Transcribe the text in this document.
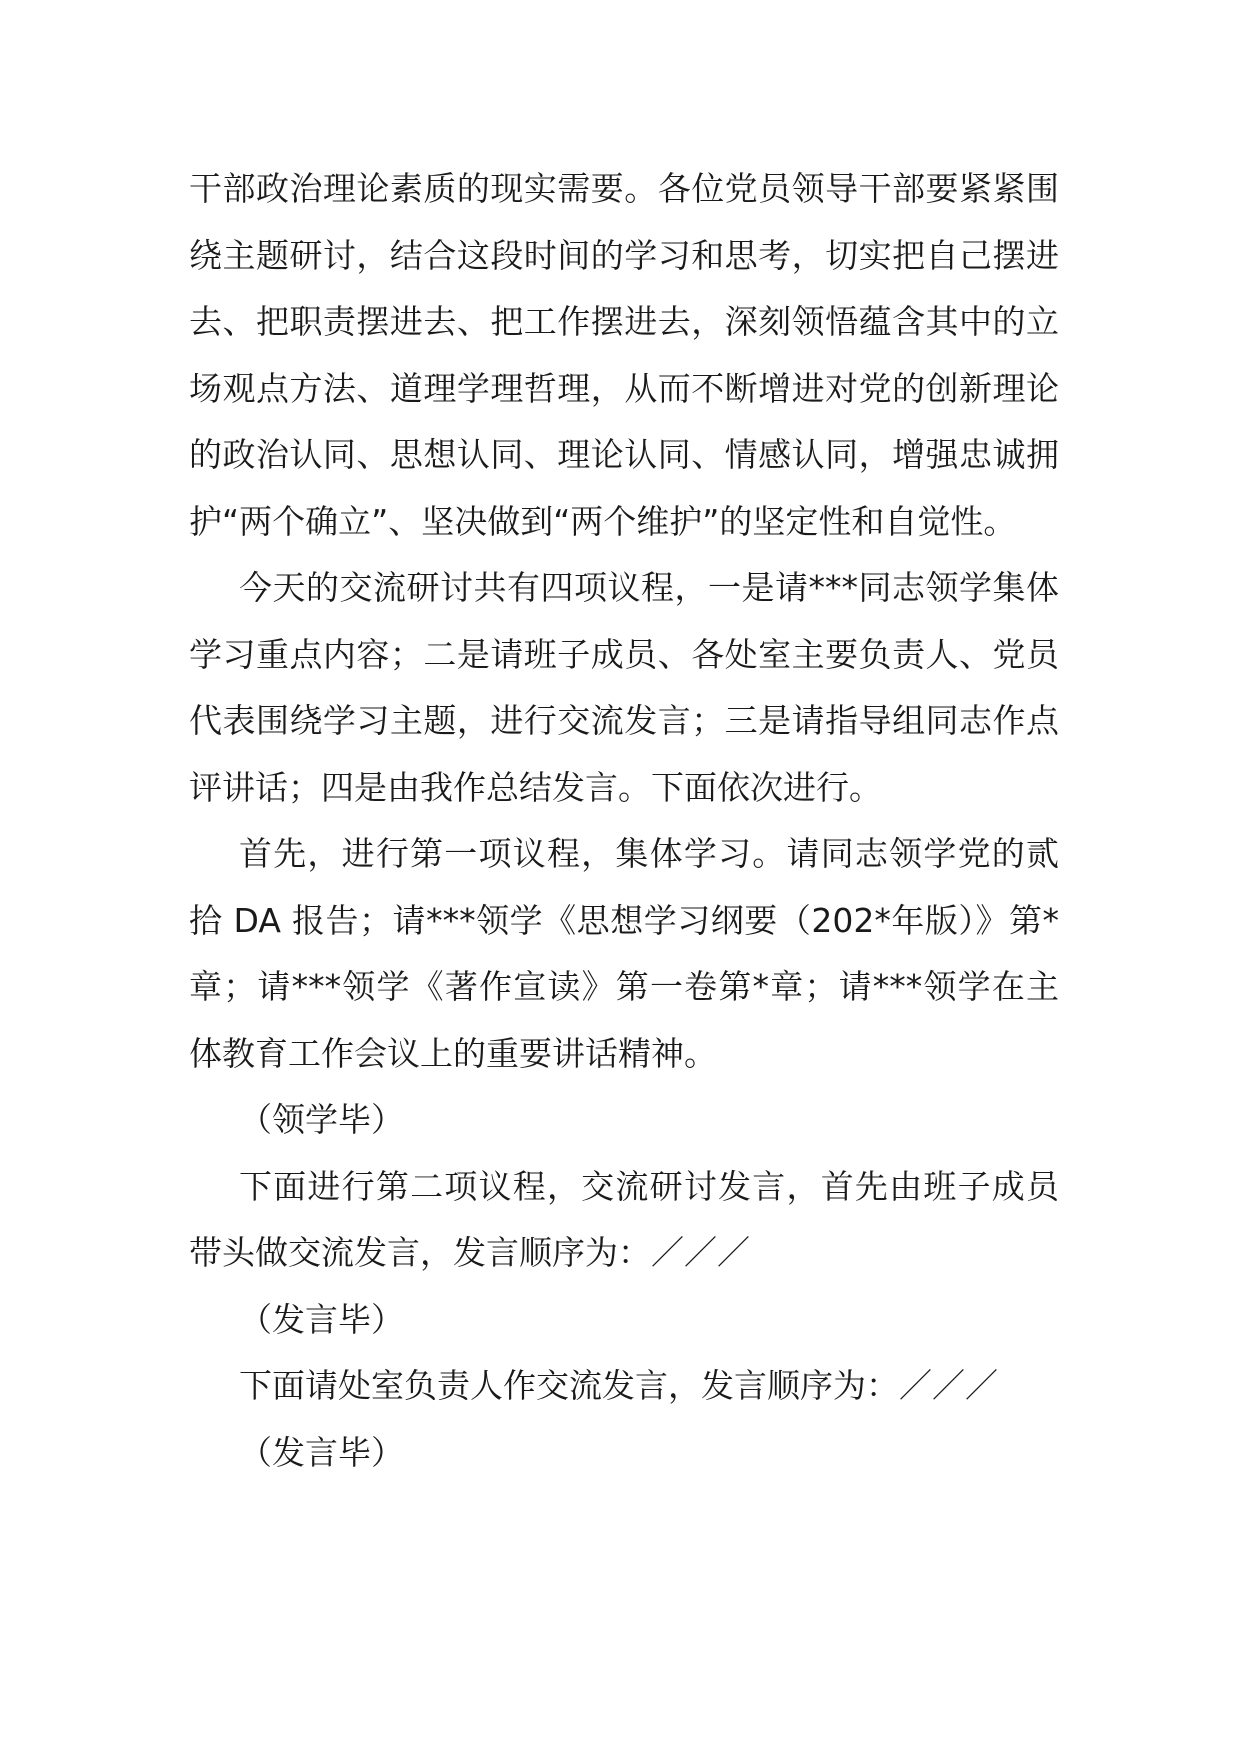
干部政治理论素质的现实需要。各位党员领导干部要紧紧围绕主题研讨，结合这段时间的学习和思考，切实把自己摆进去、把职责摆进去、把工作摆进去，深刻领悟蕴含其中的立场观点方法、道理学理哲理，从而不断增进对党的创新理论的政治认同、思想认同、理论认同、情感认同，增强忠诚拥护“两个确立”、坚决做到“两个维护”的坚定性和自觉性。

今天的交流研讨共有四项议程，一是请***同志领学集体学习重点内容；二是请班子成员、各处室主要负责人、党员代表围绕学习主题，进行交流发言；三是请指导组同志作点评讲话；四是由我作总结发言。下面依次进行。

首先，进行第一项议程，集体学习。请同志领学党的贰拾 DA 报告；请***领学《思想学习纲要（202*年版）》第*章；请***领学《著作宣读》第一卷第*章；请***领学在主体教育工作会议上的重要讲话精神。

（领学毕）

下面进行第二项议程，交流研讨发言，首先由班子成员带头做交流发言，发言顺序为：／／／

（发言毕）

下面请处室负责人作交流发言，发言顺序为：／／／

（发言毕）
